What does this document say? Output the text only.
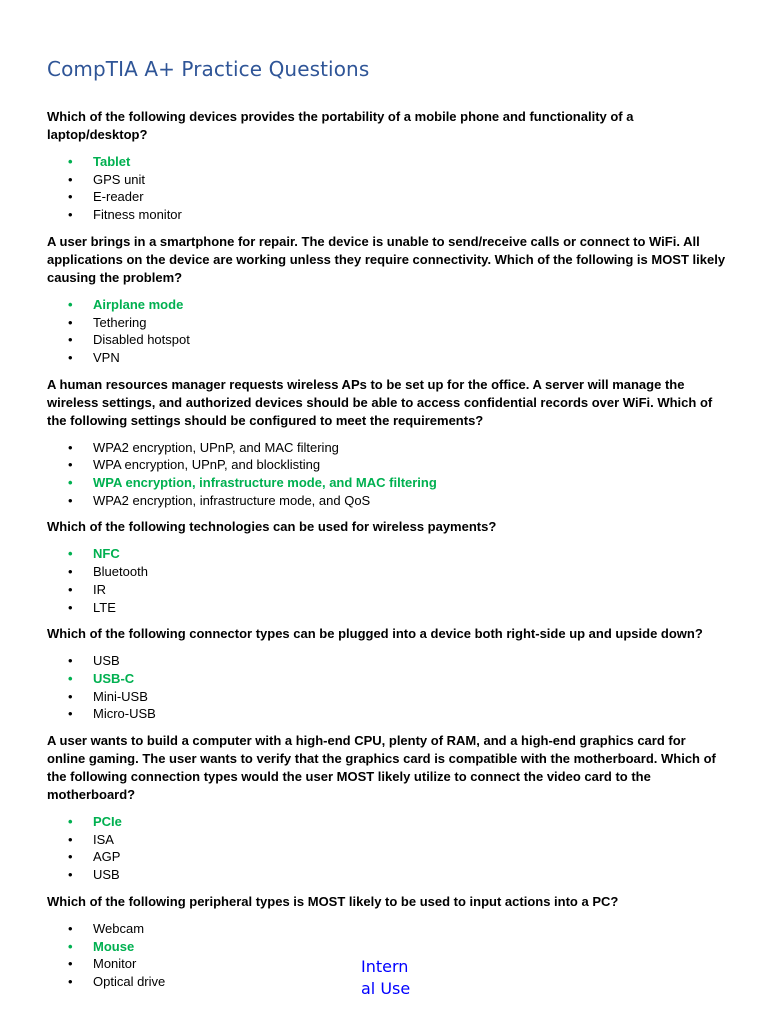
CompTIA A+ Practice Questions

Which of the following devices provides the portability of a mobile phone and functionality of a laptop/desktop?

• Tablet
• GPS unit
• E-reader
• Fitness monitor

A user brings in a smartphone for repair. The device is unable to send/receive calls or connect to WiFi. All applications on the device are working unless they require connectivity. Which of the following is MOST likely causing the problem?

• Airplane mode
• Tethering
• Disabled hotspot
• VPN

A human resources manager requests wireless APs to be set up for the office. A server will manage the wireless settings, and authorized devices should be able to access confidential records over WiFi. Which of the following settings should be configured to meet the requirements?

• WPA2 encryption, UPnP, and MAC filtering
• WPA encryption, UPnP, and blocklisting
• WPA encryption, infrastructure mode, and MAC filtering
• WPA2 encryption, infrastructure mode, and QoS

Which of the following technologies can be used for wireless payments?

• NFC
• Bluetooth
• IR
• LTE

Which of the following connector types can be plugged into a device both right-side up and upside down?

• USB
• USB-C
• Mini-USB
• Micro-USB

A user wants to build a computer with a high-end CPU, plenty of RAM, and a high-end graphics card for online gaming. The user wants to verify that the graphics card is compatible with the motherboard. Which of the following connection types would the user MOST likely utilize to connect the video card to the motherboard?

• PCIe
• ISA
• AGP
• USB

Which of the following peripheral types is MOST likely to be used to input actions into a PC?

• Webcam
• Mouse
• Monitor
• Optical drive
Intern
al Use
